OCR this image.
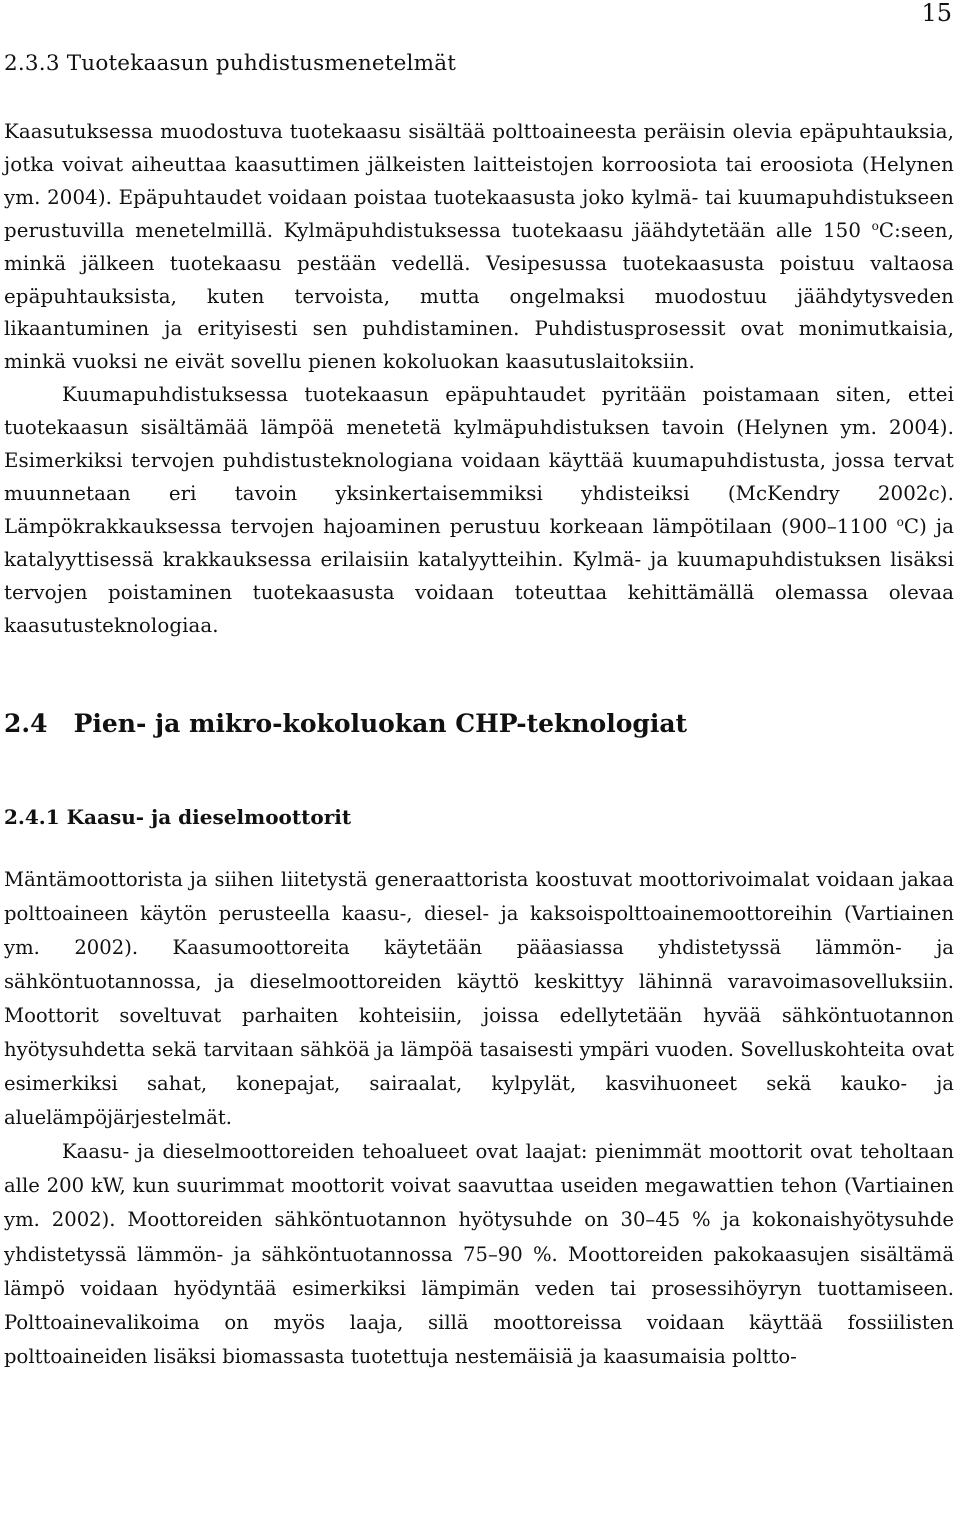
15
2.3.3 Tuotekaasun puhdistusmenetelmät

Kaasutuksessa muodostuva tuotekaasu sisältää polttoaineesta peräisin olevia epäpuhtauksia, jotka voivat aiheuttaa kaasuttimen jälkeisten laitteistojen korroosiota tai eroosiota (Helynen ym. 2004). Epäpuhtaudet voidaan poistaa tuotekaasusta joko kylmä- tai kuumapuhdistukseen perustuvilla menetelmillä. Kylmäpuhdistuksessa tuotekaasu jäähdytetään alle 150 $^o$C:seen, minkä jälkeen tuotekaasu pestään vedellä. Vesipesussa tuotekaasusta poistuu valtaosa epäpuhtauksista, kuten tervoista, mutta ongelmaksi muodostuu jäähdytysveden likaantuminen ja erityisesti sen puhdistaminen. Puhdistusprosessit ovat monimutkaisia, minkä vuoksi ne eivät sovellu pienen kokoluokan kaasutuslaitoksiin.

Kuumapuhdistuksessa tuotekaasun epäpuhtaudet pyritään poistamaan siten, ettei tuotekaasun sisältämää lämpöä menetetä kylmäpuhdistuksen tavoin (Helynen ym. 2004). Esimerkiksi tervojen puhdistusteknologiana voidaan käyttää kuumapuhdistusta, jossa tervat muunnetaan eri tavoin yksinkertaisemmiksi yhdisteiksi (McKendry 2002c). Lämpökrakkauksessa tervojen hajoaminen perustuu korkeaan lämpötilaan (900–1100 $^o$C) ja katalyyttisessä krakkauksessa erilaisiin katalyytteihin. Kylmä- ja kuumapuhdistuksen lisäksi tervojen poistaminen tuotekaasusta voidaan toteuttaa kehittämällä olemassa olevaa kaasutusteknologiaa.

2.4   Pien- ja mikro-kokoluokan CHP-teknologiat
2.4.1 Kaasu- ja dieselmoottorit

Mäntämoottorista ja siihen liitetystä generaattorista koostuvat moottorivoimalat voidaan jakaa polttoaineen käytön perusteella kaasu-, diesel- ja kaksoispolttoainemoottoreihin (Vartiainen ym. 2002). Kaasumoottoreita käytetään pääasiassa yhdistetyssä lämmön- ja sähköntuotannossa, ja dieselmoottoreiden käyttö keskittyy lähinnä varavoimasovelluksiin. Moottorit soveltuvat parhaiten kohteisiin, joissa edellytetään hyvää sähköntuotannon hyötysuhdetta sekä tarvitaan sähköä ja lämpöä tasaisesti ympäri vuoden. Sovelluskohteita ovat esimerkiksi sahat, konepajat, sairaalat, kylpylät, kasvihuoneet sekä kauko- ja aluelämpöjärjestelmät.

Kaasu- ja dieselmoottoreiden tehoalueet ovat laajat: pienimmät moottorit ovat teholtaan alle 200 kW, kun suurimmat moottorit voivat saavuttaa useiden megawattien tehon (Vartiainen ym. 2002). Moottoreiden sähköntuotannon hyötysuhde on 30–45 % ja kokonaishyötysuhde yhdistetyssä lämmön- ja sähköntuotannossa 75–90 %. Moottoreiden pakokaasujen sisältämä lämpö voidaan hyödyntää esimerkiksi lämpimän veden tai prosessihöyryn tuottamiseen. Polttoainevalikoima on myös laaja, sillä moottoreissa voidaan käyttää fossiilisten polttoaineiden lisäksi biomassasta tuotettuja nestemäisiä ja kaasumaisia poltto-
